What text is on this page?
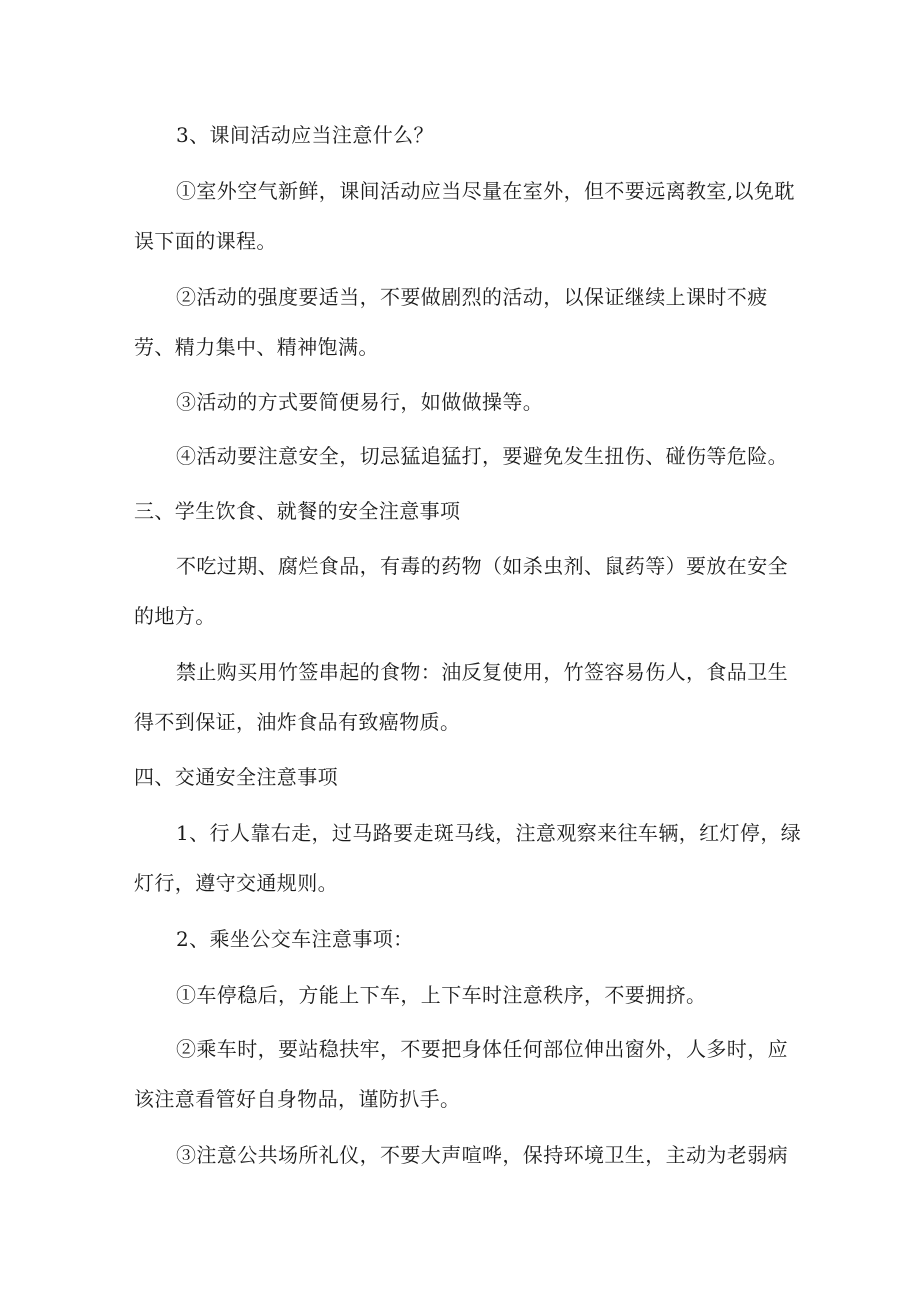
3、课间活动应当注意什么？
①室外空气新鲜，课间活动应当尽量在室外，但不要远离教室,以免耽
误下面的课程。
②活动的强度要适当，不要做剧烈的活动，以保证继续上课时不疲
劳、精力集中、精神饱满。
③活动的方式要简便易行，如做做操等。
④活动要注意安全，切忌猛追猛打，要避免发生扭伤、碰伤等危险。
三、学生饮食、就餐的安全注意事项
不吃过期、腐烂食品，有毒的药物（如杀虫剂、鼠药等）要放在安全
的地方。
禁止购买用竹签串起的食物：油反复使用，竹签容易伤人，食品卫生
得不到保证，油炸食品有致癌物质。
四、交通安全注意事项
1、行人靠右走，过马路要走斑马线，注意观察来往车辆，红灯停，绿
灯行，遵守交通规则。
2、乘坐公交车注意事项：
①车停稳后，方能上下车，上下车时注意秩序，不要拥挤。
②乘车时，要站稳扶牢，不要把身体任何部位伸出窗外，人多时，应
该注意看管好自身物品，谨防扒手。
③注意公共场所礼仪，不要大声喧哗，保持环境卫生，主动为老弱病
